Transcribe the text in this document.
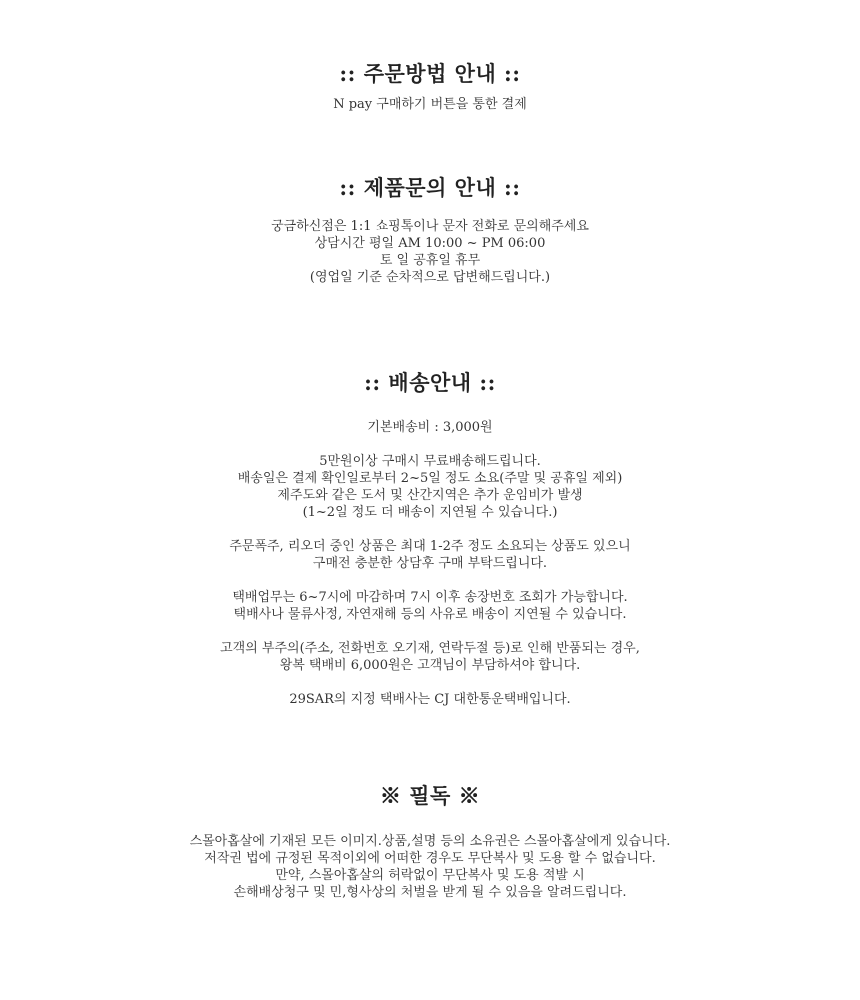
:: 주문방법 안내 ::
N pay 구매하기 버튼을 통한 결제
:: 제품문의 안내 ::
궁금하신점은 1:1 쇼핑톡이나 문자 전화로 문의해주세요
상담시간 평일 AM 10:00 ~ PM 06:00
토 일 공휴일 휴무
(영업일 기준 순차적으로 답변해드립니다.)
:: 배송안내 ::
기본배송비 : 3,000원
5만원이상 구매시 무료배송해드립니다.
배송일은 결제 확인일로부터 2~5일 정도 소요(주말 및 공휴일 제외)
제주도와 같은 도서 및 산간지역은 추가 운임비가 발생
(1~2일 정도 더 배송이 지연될 수 있습니다.)
주문폭주, 리오더 중인 상품은 최대 1-2주 정도 소요되는 상품도 있으니
구매전 충분한 상담후 구매 부탁드립니다.
택배업무는 6~7시에 마감하며 7시 이후 송장번호 조회가 가능합니다.
택배사나 물류사정, 자연재해 등의 사유로 배송이 지연될 수 있습니다.
고객의 부주의(주소, 전화번호 오기재, 연락두절 등)로 인해 반품되는 경우,
왕복 택배비 6,000원은 고객님이 부담하셔야 합니다.
29SAR의 지정 택배사는 CJ 대한통운택배입니다.
※ 필독 ※
스몰아홉살에 기재된 모든 이미지.상품,설명 등의 소유권은 스몰아홉살에게 있습니다.
저작권 법에 규정된 목적이외에 어떠한 경우도 무단복사 및 도용 할 수 없습니다.
만약, 스몰아홉살의 허락없이 무단복사 및 도용 적발 시
손해배상청구 및 민,형사상의 처벌을 받게 될 수 있음을 알려드립니다.
